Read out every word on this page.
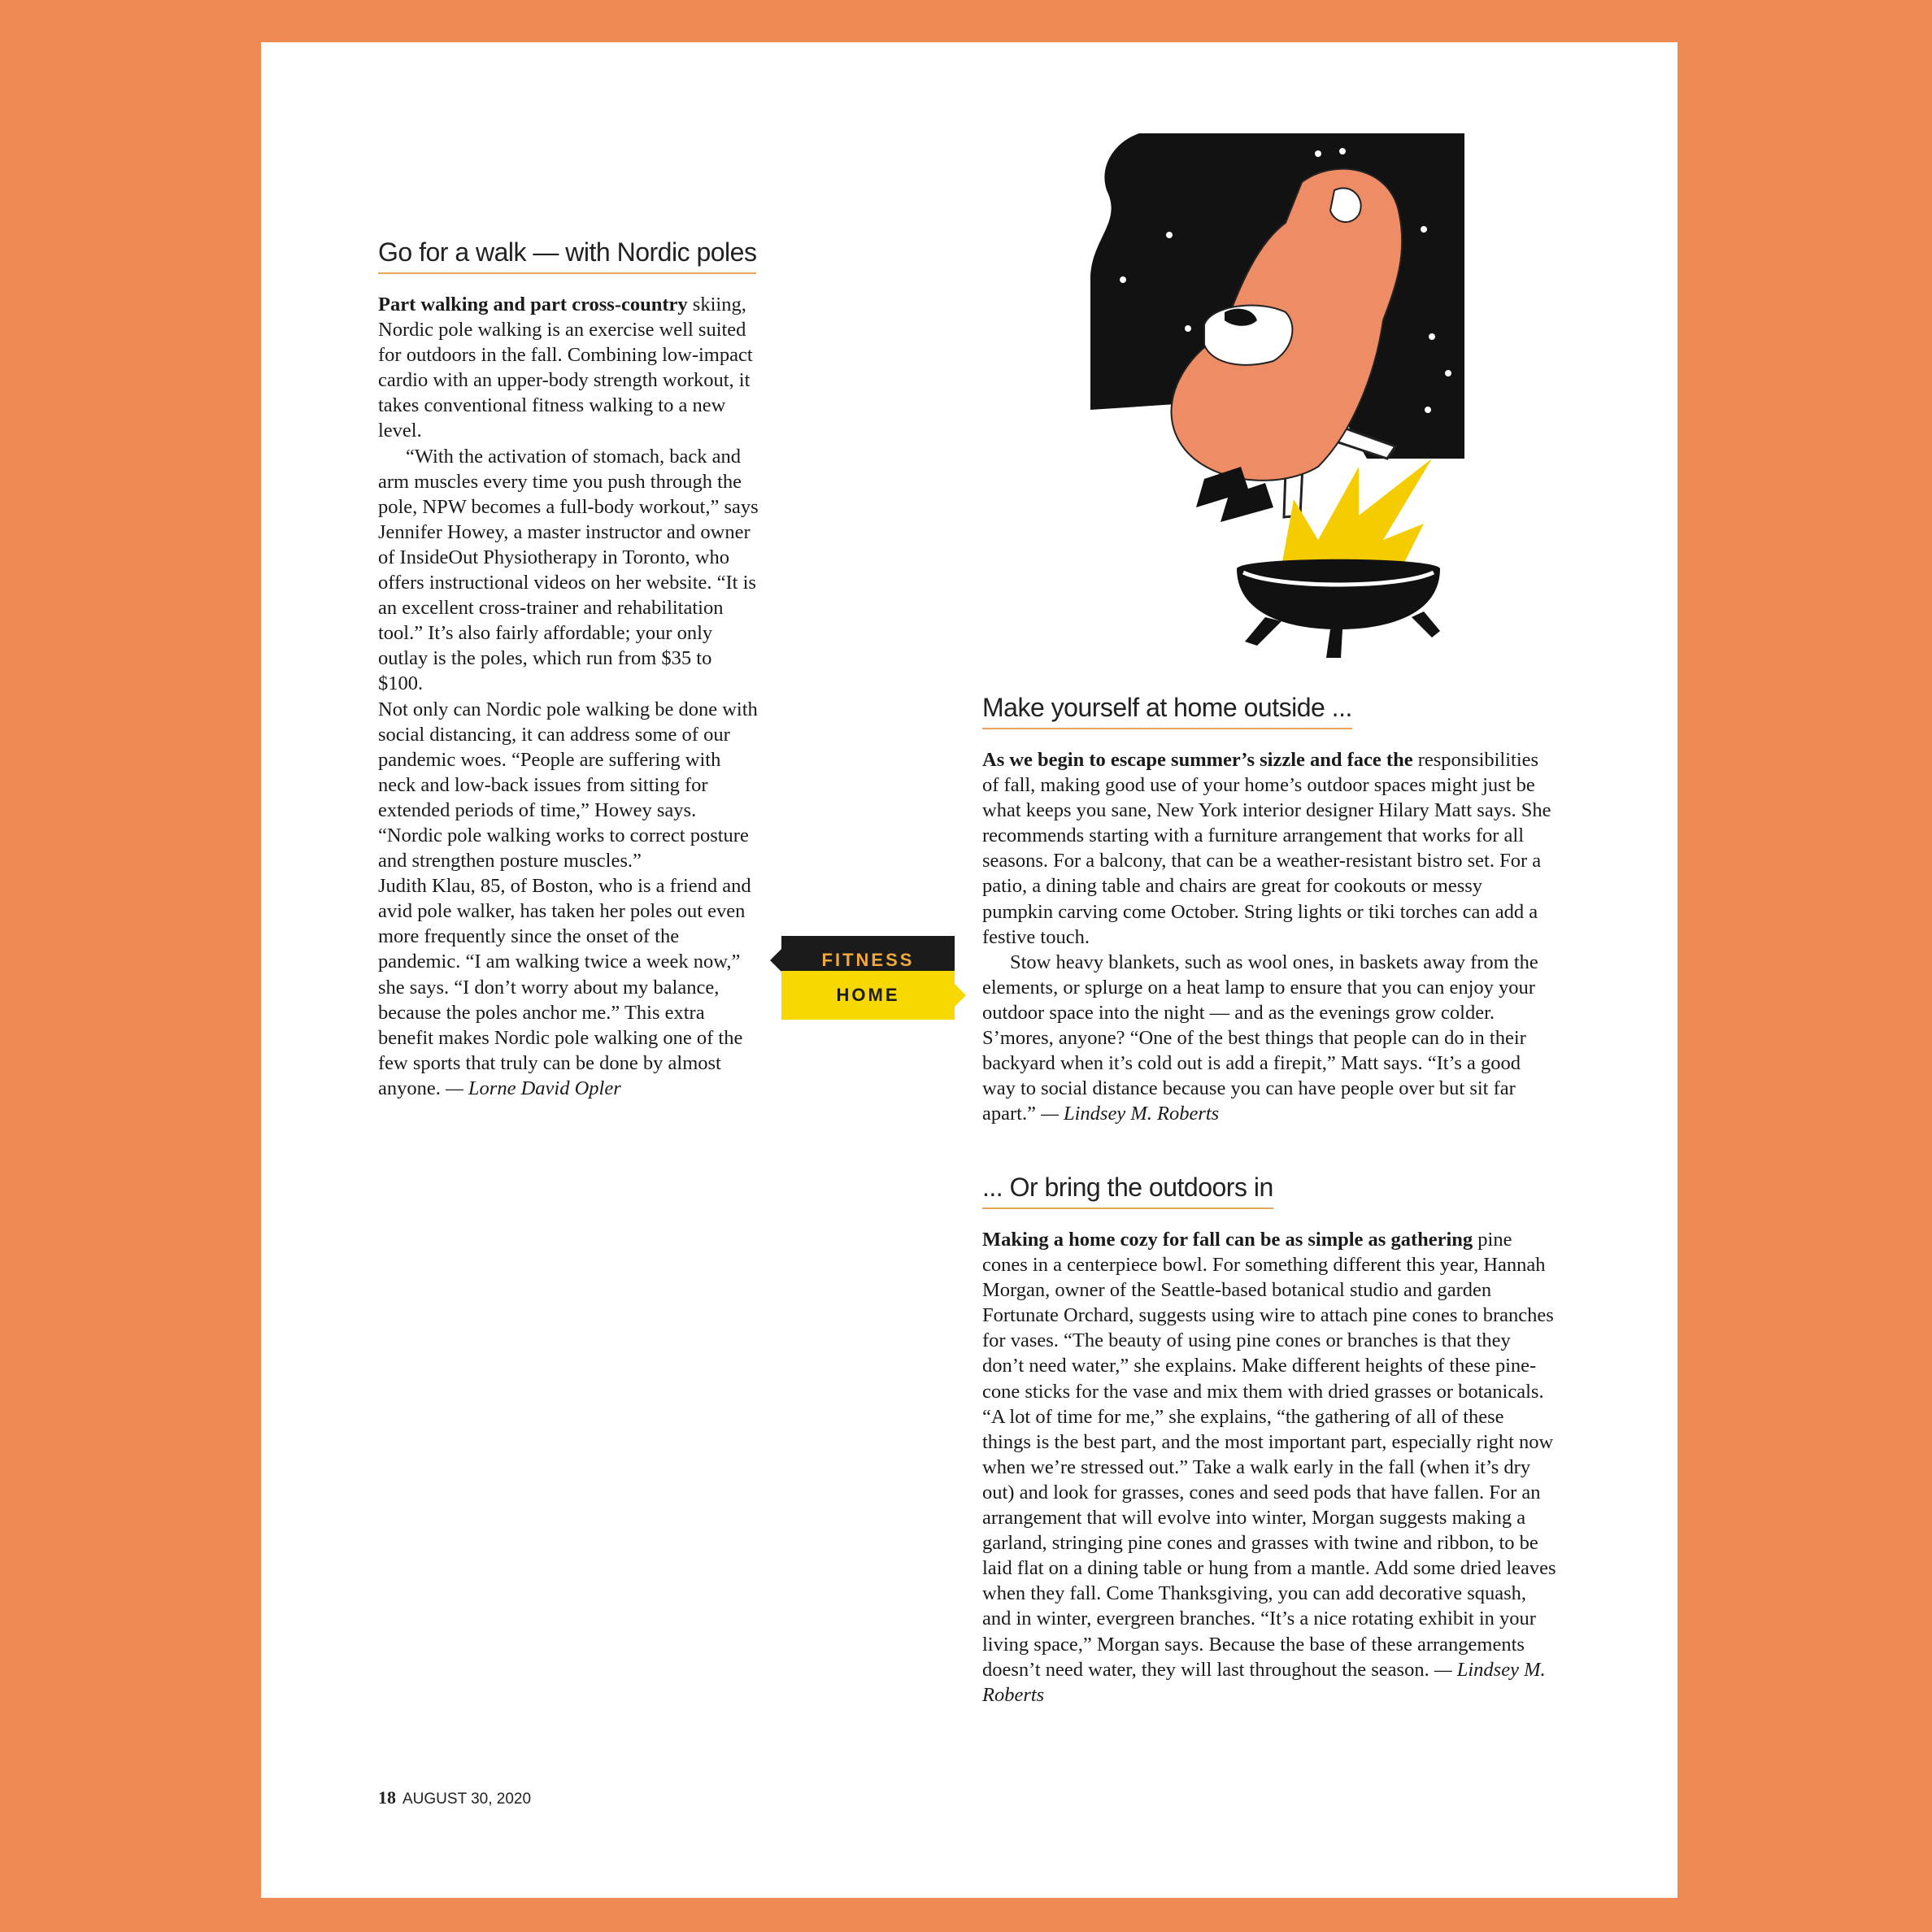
Go for a walk — with Nordic poles

Part walking and part cross-country skiing, Nordic pole walking is an exercise well suited for outdoors in the fall. Combining low-impact cardio with an upper-body strength workout, it takes conventional fitness walking to a new level.

“With the activation of stomach, back and arm muscles every time you push through the pole, NPW becomes a full-body workout,” says Jennifer Howey, a master instructor and owner of InsideOut Physiotherapy in Toronto, who offers instructional videos on her website. “It is an excellent cross-trainer and rehabilitation tool.” It’s also fairly affordable; your only outlay is the poles, which run from $35 to $100.

Not only can Nordic pole walking be done with social distancing, it can address some of our pandemic woes. “People are suffering with neck and low-back issues from sitting for extended periods of time,” Howey says. “Nordic pole walking works to correct posture and strengthen posture muscles.”

Judith Klau, 85, of Boston, who is a friend and avid pole walker, has taken her poles out even more frequently since the onset of the pandemic. “I am walking twice a week now,” she says. “I don’t worry about my balance, because the poles anchor me.” This extra benefit makes Nordic pole walking one of the few sports that truly can be done by almost anyone. — Lorne David Opler

FITNESS
HOME
Make yourself at home outside ...

As we begin to escape summer’s sizzle and face the responsibilities of fall, making good use of your home’s outdoor spaces might just be what keeps you sane, New York interior designer Hilary Matt says. She recommends starting with a furniture arrangement that works for all seasons. For a balcony, that can be a weather-resistant bistro set. For a patio, a dining table and chairs are great for cookouts or messy pumpkin carving come October. String lights or tiki torches can add a festive touch.

Stow heavy blankets, such as wool ones, in baskets away from the elements, or splurge on a heat lamp to ensure that you can enjoy your outdoor space into the night — and as the evenings grow colder. S’mores, anyone? “One of the best things that people can do in their backyard when it’s cold out is add a firepit,” Matt says. “It’s a good way to social distance because you can have people over but sit far apart.” — Lindsey M. Roberts

... Or bring the outdoors in

Making a home cozy for fall can be as simple as gathering pine cones in a centerpiece bowl. For something different this year, Hannah Morgan, owner of the Seattle-based botanical studio and garden Fortunate Orchard, suggests using wire to attach pine cones to branches for vases. “The beauty of using pine cones or branches is that they don’t need water,” she explains. Make different heights of these pine-cone sticks for the vase and mix them with dried grasses or botanicals. “A lot of time for me,” she explains, “the gathering of all of these things is the best part, and the most important part, especially right now when we’re stressed out.” Take a walk early in the fall (when it’s dry out) and look for grasses, cones and seed pods that have fallen. For an arrangement that will evolve into winter, Morgan suggests making a garland, stringing pine cones and grasses with twine and ribbon, to be laid flat on a dining table or hung from a mantle. Add some dried leaves when they fall. Come Thanksgiving, you can add decorative squash, and in winter, evergreen branches. “It’s a nice rotating exhibit in your living space,” Morgan says. Because the base of these arrangements doesn’t need water, they will last throughout the season. — Lindsey M. Roberts

18 AUGUST 30, 2020
